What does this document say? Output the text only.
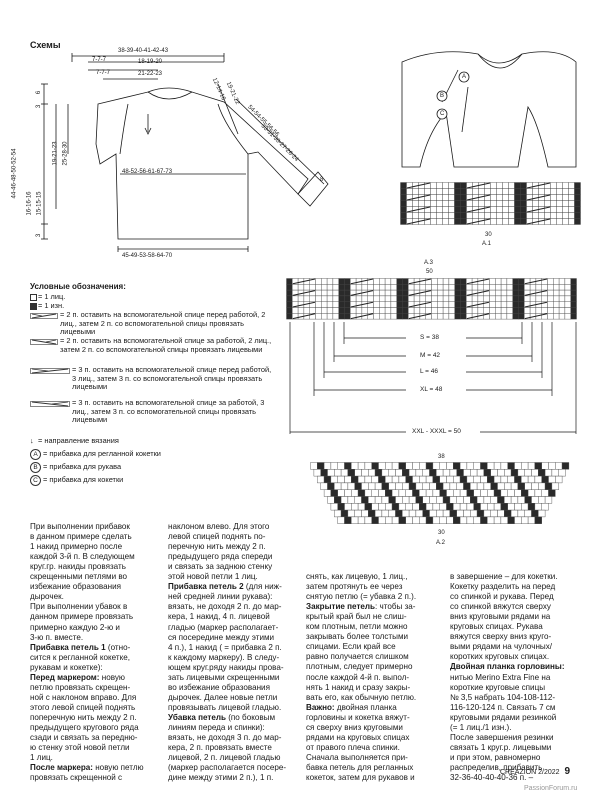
Схемы
38-39-40-41-42-43
7-7-7
7-7-7
18-19-20
21-22-23
6
3
3
44-46-48-50-52-54
16-16-16 15-15-15
19-21-23 25-28-30
12-14-16
19-21-22
54-54-55-56-56
33-31-30-27-26-24
8
48-52-56-61-67-73
45-49-53-58-64-70
A
B
C
30
A.1
A.3
50
S = 38
M = 42
L = 46
XL = 48
XXL - XXXL = 50
38
30
A.2
Условные обозначения:
= 1 лиц.
= 1 изн.
= 2 п. оставить на вспомогательной спице перед работой, 2 лиц., затем 2 п. со вспомогательной спицы провязать лицевыми
= 2 п. оставить на вспомогательной спице за работой, 2 лиц., затем 2 п. со вспомогательной спицы провязать лицевыми
= 3 п. оставить на вспомогательной спице перед работой, 3 лиц., затем 3 п. со вспомогательной спицы провязать лицевыми
= 3 п. оставить на вспомогательной спице за работой, 3 лиц., затем 3 п. со вспомогательной спицы провязать лицевыми
↓ = направление вязания
A = прибавка для регланной кокетки
B = прибавка для рукава
C = прибавка для кокетки

При выполнении прибавок
в данном примере сделать
1 накид примерно после
каждой 3-й п. В следующем
круг.гр. накиды провязать
скрещенными петлями во
избежание образования
дырочек.
При выполнении убавок в
данном примере провязать
примерно каждую 2-ю и
3-ю п. вместе.
Прибавка петель 1 (отно-
сится к регланной кокетке,
рукавам и кокетке):
Перед маркером: новую
петлю провязать скрещен-
ной с наклоном вправо. Для
этого левой спицей поднять
поперечную нить между 2 п.
предыдущего кругового ряда
сзади и связать за передню-
ю стенку этой новой петли
1 лиц.
После маркера: новую петлю
провязать скрещенной с

наклоном влево. Для этого
левой спицей поднять по-
перечную нить между 2 п.
предыдущего ряда спереди
и связать за заднюю стенку
этой новой петли 1 лиц.
Прибавка петель 2 (для ниж-
ней средней линии рукава):
вязать, не доходя 2 п. до мар-
кера, 1 накид, 4 п. лицевой
гладью (маркер располагает-
ся посередине между этими
4 п.), 1 накид ( = прибавка 2 п.
к каждому маркеру). В следу-
ющем круг.ряду накиды прова-
зать лицевыми скрещенными
во избежание образования
дырочек. Далее новые петли
провязывать лицевой гладью.
Убавка петель (по боковым
линиям переда и спинки):
вязать, не доходя 3 п. до мар-
кера, 2 п. провязать вместе
лицевой, 2 п. лицевой гладью
(маркер располагается посере-
дине между этими 2 п.), 1 п.

снять, как лицевую, 1 лиц.,
затем протянуть ее через
снятую петлю (= убавка 2 п.).
Закрытие петель: чтобы за-
крытый край был не слиш-
ком плотным, петли можно
закрывать более толстыми
спицами. Если край все
равно получается слишком
плотным, следует примерно
после каждой 4-й п. выпол-
нять 1 накид и сразу закры-
вать его, как обычную петлю.
Важно: двойная планка
горловины и кокетка вяжут-
ся сверху вниз круговыми
рядами на круговых спицах
от правого плеча спинки.
Сначала выполняется при-
бавка петель для регланных
кокеток, затем для рукавов и

в завершение – для кокетки.
Кокетку разделить на перед
со спинкой и рукава. Перед
со спинкой вяжутся сверху
вниз круговыми рядами на
круговых спицах. Рукава
вяжутся сверху вниз круго-
выми рядами на чулочных/
коротких круговых спицах.
Двойная планка горловины:
нитью Merino Extra Fine на
короткие круговые спицы
№ 3,5 набрать 104-108-112-
116-120-124 п. Связать 7 см
круговыми рядами резинкой
(= 1 лиц./1 изн.).
После завершения резинки
связать 1 круг.р. лицевыми
и при этом, равномерно
распределив, прибавить
32-36-40-40-40-36 п. –

CREAZION 2/2022 9
PassionForum.ru
